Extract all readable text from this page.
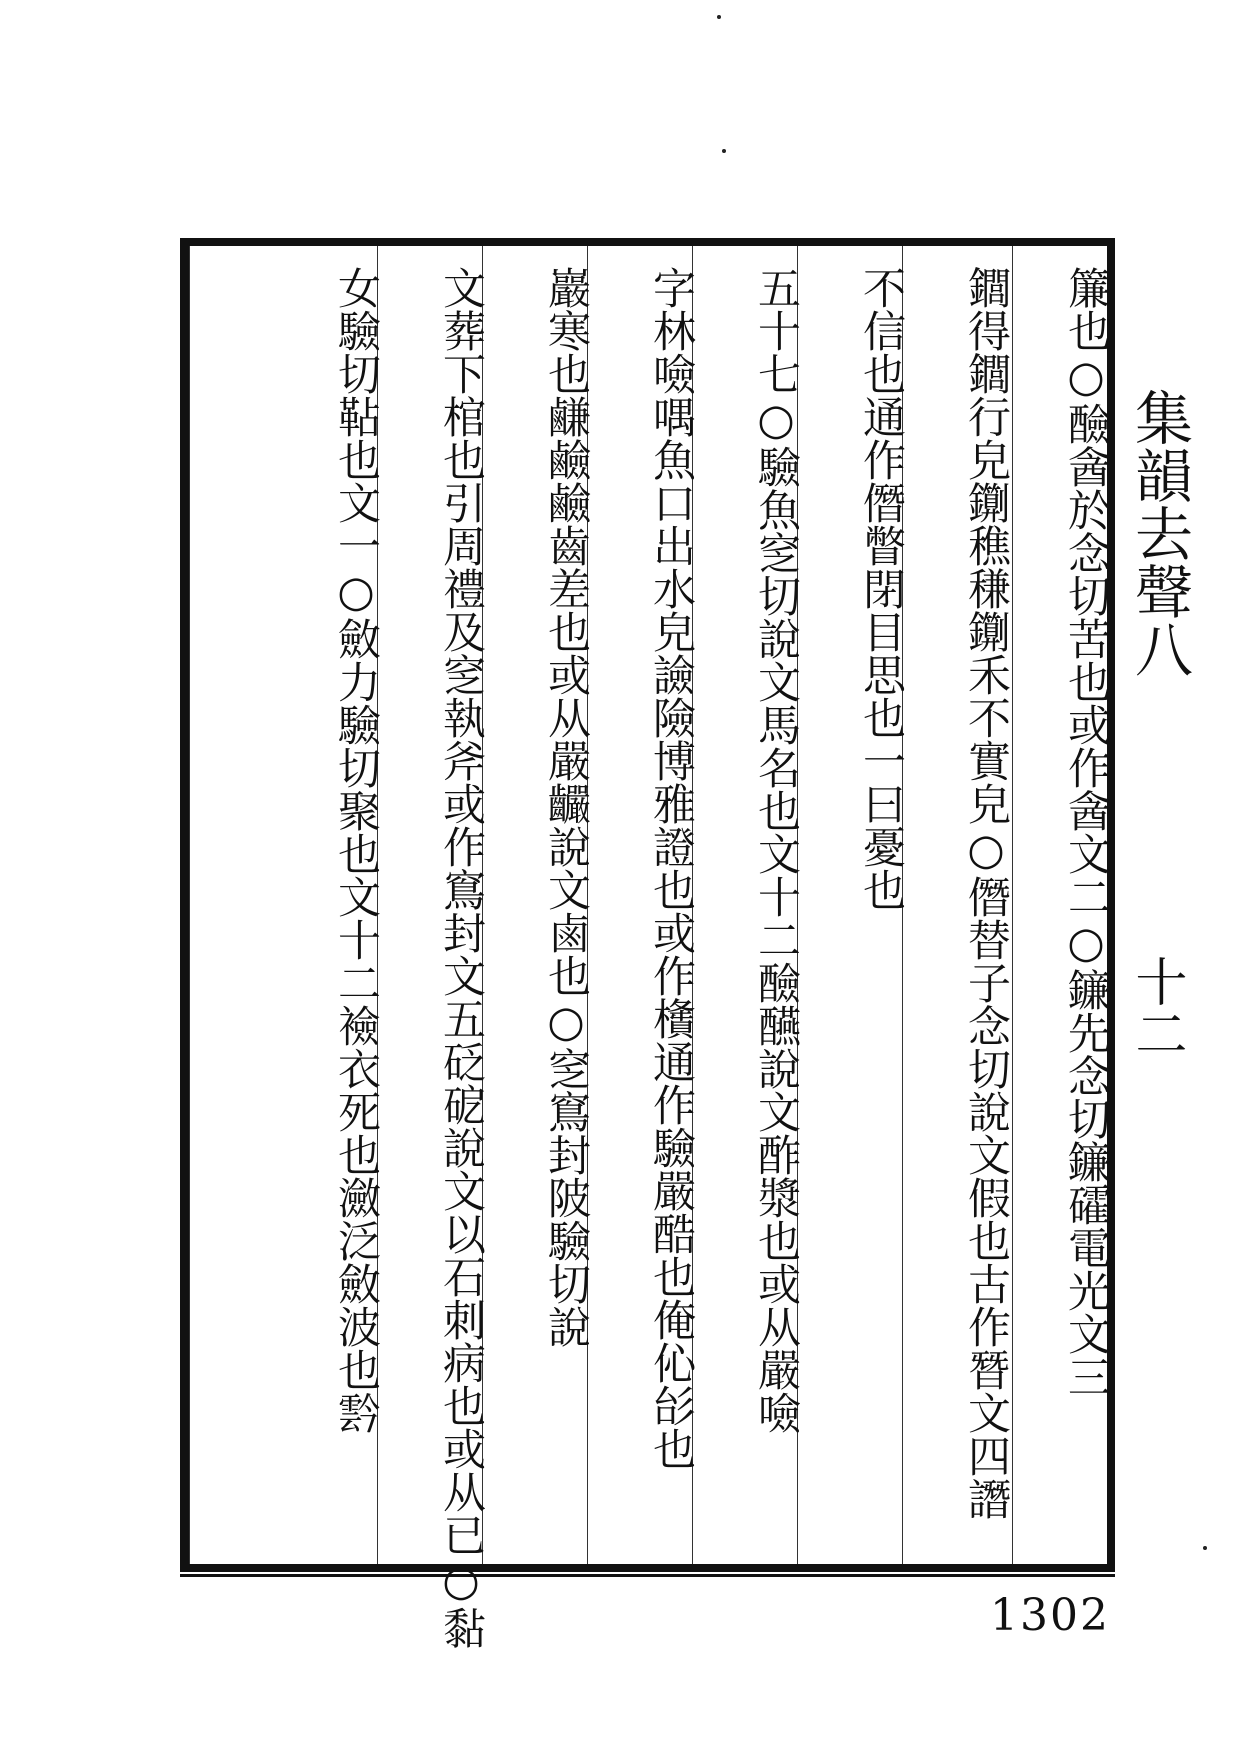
集韻去聲八
十二
簾也○醶酓於念切苦也或作酓文二○䥥先念切䥥礭電光文三
䥨得䥨行皃䥷穛稴䥷禾不實皃○僭替子念切說文假也古作朁文四譖
不信也通作僭瞥閉目思也一曰憂也
五十七○驗魚窆切說文馬名也文十二醶醼說文酢漿也或从嚴噞
字林噞喁魚口出水皃譣險博雅證也或作㯯通作驗嚴酷也俺伈㣍也
巖寒也鹻鹼鹼齒差也或从嚴䶫說文鹵也○窆窵封陂驗切說
文葬下棺也引周禮及窆執斧或作窵封文五砭砨說文以石刺病也或从已○黏
女驗切䩞也文一○斂力驗切聚也文十二襝衣死也瀲泛斂波也霒
1302
